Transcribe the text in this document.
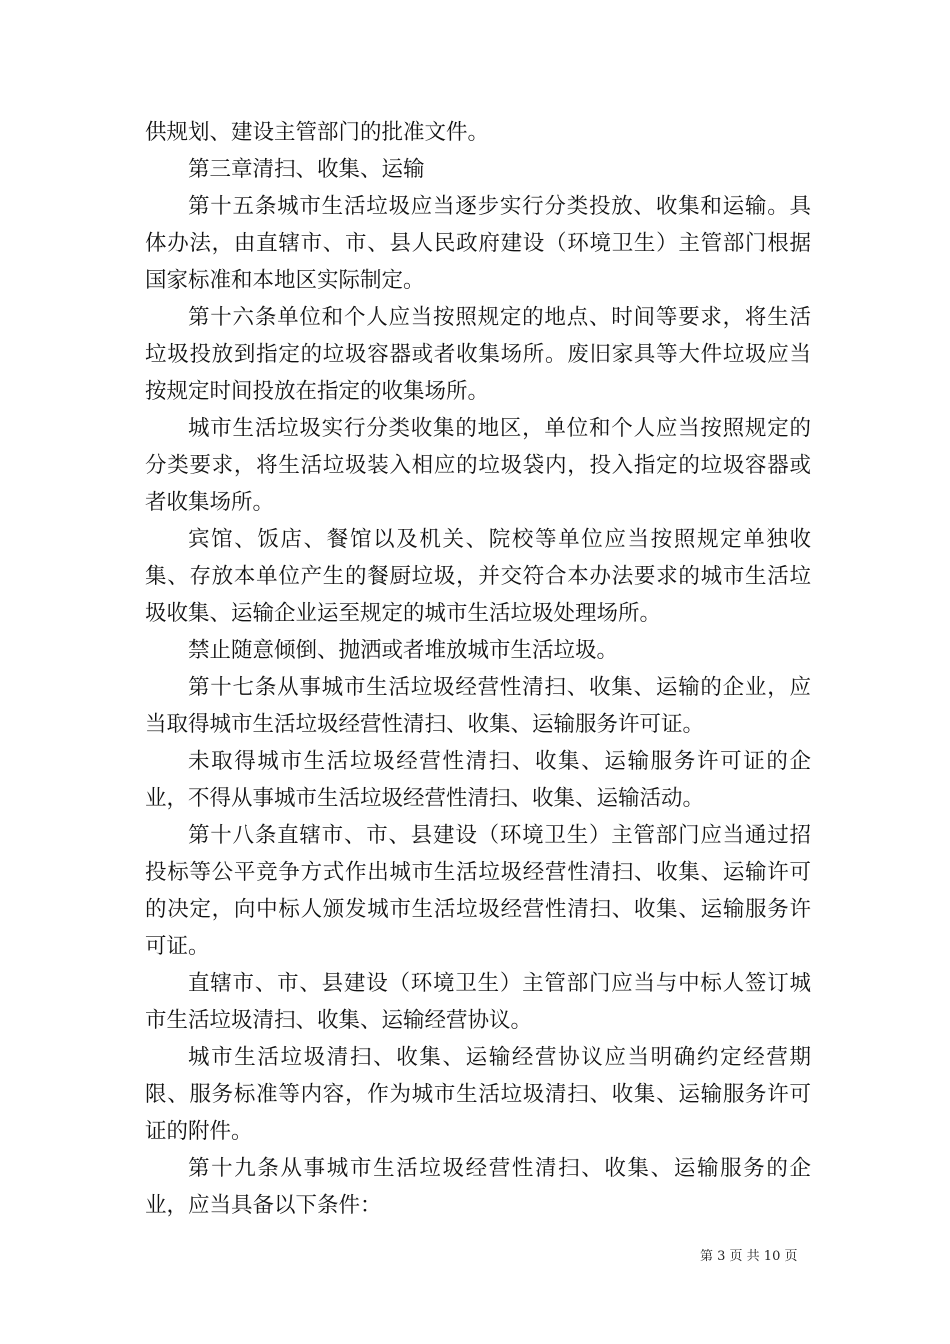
供规划、建设主管部门的批准文件。

第三章清扫、收集、运输

第十五条城市生活垃圾应当逐步实行分类投放、收集和运输。具体办法，由直辖市、市、县人民政府建设（环境卫生）主管部门根据国家标准和本地区实际制定。

第十六条单位和个人应当按照规定的地点、时间等要求，将生活垃圾投放到指定的垃圾容器或者收集场所。废旧家具等大件垃圾应当按规定时间投放在指定的收集场所。

城市生活垃圾实行分类收集的地区，单位和个人应当按照规定的分类要求，将生活垃圾装入相应的垃圾袋内，投入指定的垃圾容器或者收集场所。

宾馆、饭店、餐馆以及机关、院校等单位应当按照规定单独收集、存放本单位产生的餐厨垃圾，并交符合本办法要求的城市生活垃圾收集、运输企业运至规定的城市生活垃圾处理场所。

禁止随意倾倒、抛洒或者堆放城市生活垃圾。

第十七条从事城市生活垃圾经营性清扫、收集、运输的企业，应当取得城市生活垃圾经营性清扫、收集、运输服务许可证。

未取得城市生活垃圾经营性清扫、收集、运输服务许可证的企业，不得从事城市生活垃圾经营性清扫、收集、运输活动。

第十八条直辖市、市、县建设（环境卫生）主管部门应当通过招投标等公平竞争方式作出城市生活垃圾经营性清扫、收集、运输许可的决定，向中标人颁发城市生活垃圾经营性清扫、收集、运输服务许可证。

直辖市、市、县建设（环境卫生）主管部门应当与中标人签订城市生活垃圾清扫、收集、运输经营协议。

城市生活垃圾清扫、收集、运输经营协议应当明确约定经营期限、服务标准等内容，作为城市生活垃圾清扫、收集、运输服务许可证的附件。

第十九条从事城市生活垃圾经营性清扫、收集、运输服务的企业，应当具备以下条件：

第 3 页 共 10 页
